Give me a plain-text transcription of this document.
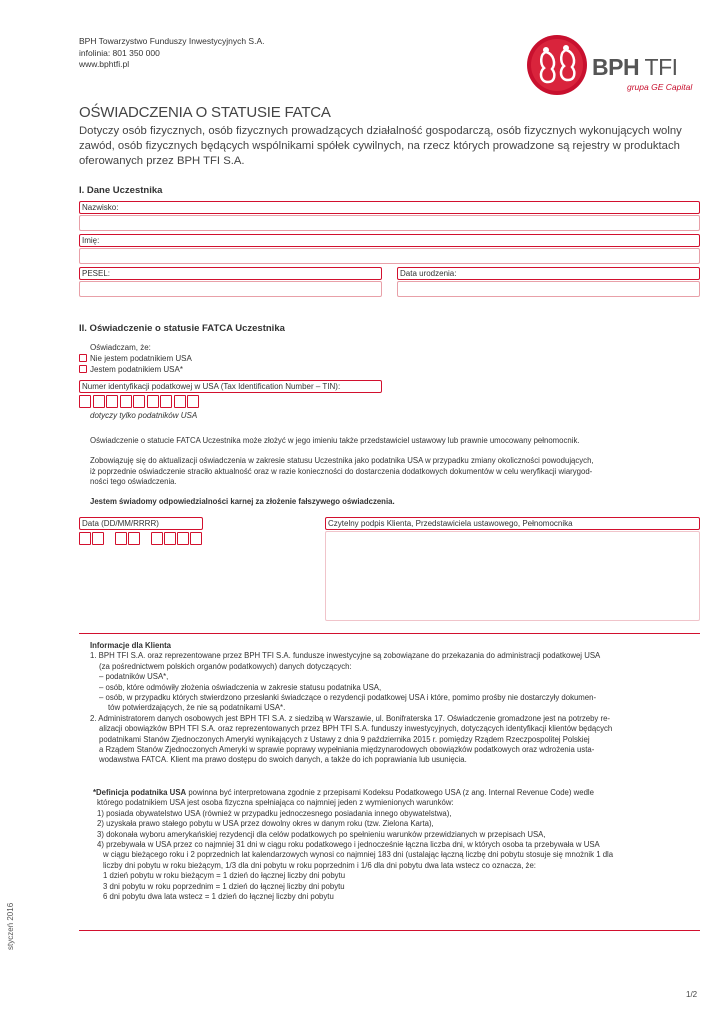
BPH Towarzystwo Funduszy Inwestycyjnych S.A.
infolinia: 801 350 000
www.bphtfi.pl	BPH TFI
grupa GE Capital
OŚWIADCZENIA O STATUSIE FATCA
Dotyczy osób fizycznych, osób fizycznych prowadzących działalność gospodarczą, osób fizycznych wykonujących wolny zawód, osób fizycznych będących wspólnikami spółek cywilnych, na rzecz których prowadzone są rejestry w produktach oferowanych przez BPH TFI S.A.
I. Dane Uczestnika
Nazwisko:
Imię:
PESEL:	Data urodzenia:
II. Oświadczenie o statusie FATCA Uczestnika
Oświadczam, że:
Nie jestem podatnikiem USA
Jestem podatnikiem USA*
Numer identyfikacji podatkowej w USA (Tax Identification Number – TIN):
dotyczy tylko podatników USA
Oświadczenie o statucie FATCA Uczestnika może złożyć w jego imieniu także przedstawiciel ustawowy lub prawnie umocowany pełnomocnik.
Zobowiązuję się do aktualizacji oświadczenia w zakresie statusu Uczestnika jako podatnika USA w przypadku zmiany okoliczności powodujących,
iż poprzednie oświadczenie straciło aktualność oraz w razie konieczności do dostarczenia dodatkowych dokumentów w celu weryfikacji wiarygod-
ności tego oświadczenia.
Jestem świadomy odpowiedzialności karnej za złożenie fałszywego oświadczenia.
Data (DD/MM/RRRR)	Czytelny podpis Klienta, Przedstawiciela ustawowego, Pełnomocnika

Informacje dla Klienta

1. BPH TFI S.A. oraz reprezentowane przez BPH TFI S.A. fundusze inwestycyjne są zobowiązane do przekazania do administracji podatkowej USA

(za pośrednictwem polskich organów podatkowych) danych dotyczących:

– podatników USA*,

– osób, które odmówiły złożenia oświadczenia w zakresie statusu podatnika USA,

– osób, w przypadku których stwierdzono przesłanki świadczące o rezydencji podatkowej USA i które, pomimo prośby nie dostarczyły dokumen-

tów potwierdzających, że nie są podatnikami USA*.

2. Administratorem danych osobowych jest BPH TFI S.A. z siedzibą w Warszawie, ul. Bonifraterska 17. Oświadczenie gromadzone jest na potrzeby re-

alizacji obowiązków BPH TFI S.A. oraz reprezentowanych przez BPH TFI S.A. funduszy inwestycyjnych, dotyczących identyfikacji klientów będących

podatnikami Stanów Zjednoczonych Ameryki wynikających z Ustawy z dnia 9 października 2015 r. pomiędzy Rządem Rzeczpospolitej Polskiej

a Rządem Stanów Zjednoczonych Ameryki w sprawie poprawy wypełniania międzynarodowych obowiązków podatkowych oraz wdrożenia usta-

wodawstwa FATCA. Klient ma prawo dostępu do swoich danych, a także do ich poprawiania lub usunięcia.

*Definicja podatnika USA powinna być interpretowana zgodnie z przepisami Kodeksu Podatkowego USA (z ang. Internal Revenue Code) wedle

którego podatnikiem USA jest osoba fizyczna spełniająca co najmniej jeden z wymienionych warunków:

1) posiada obywatelstwo USA (również w przypadku jednoczesnego posiadania innego obywatelstwa),

2) uzyskała prawo stałego pobytu w USA przez dowolny okres w danym roku (tzw. Zielona Karta),

3) dokonała wyboru amerykańskiej rezydencji dla celów podatkowych po spełnieniu warunków przewidzianych w przepisach USA,

4) przebywała w USA przez co najmniej 31 dni w ciągu roku podatkowego i jednocześnie łączna liczba dni, w których osoba ta przebywała w USA

w ciągu bieżącego roku i 2 poprzednich lat kalendarzowych wynosi co najmniej 183 dni (ustalając łączną liczbę dni pobytu stosuje się mnożnik 1 dla

liczby dni pobytu w roku bieżącym, 1/3 dla dni pobytu w roku poprzednim i 1/6 dla dni pobytu dwa lata wstecz co oznacza, że:

1 dzień pobytu w roku bieżącym = 1 dzień do łącznej liczby dni pobytu

3 dni pobytu w roku poprzednim = 1 dzień do łącznej liczby dni pobytu

6 dni pobytu dwa lata wstecz = 1 dzień do łącznej liczby dni pobytu

styczeń 2016
1/2
